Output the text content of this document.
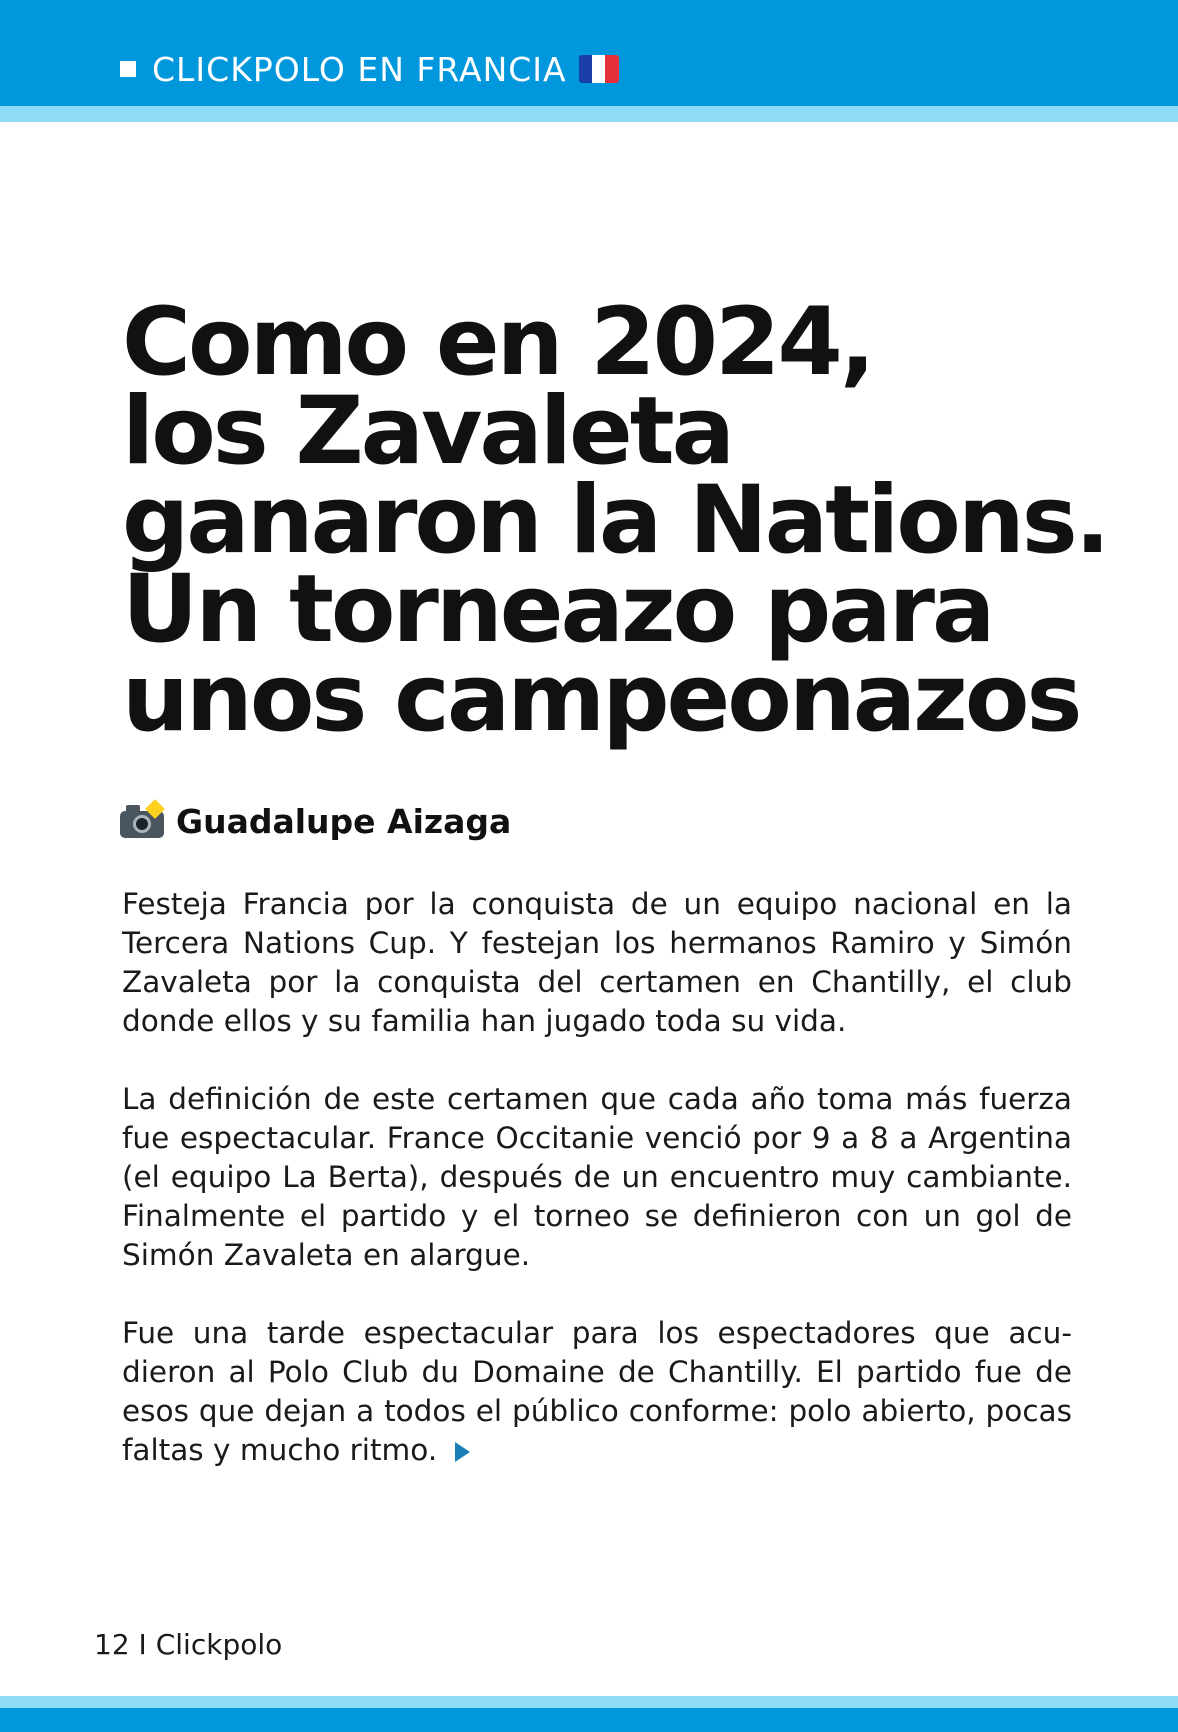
CLICKPOLO EN FRANCIA
Como en 2024,
los Zavaleta
ganaron la Nations.
Un torneazo para
unos campeonazos
Guadalupe Aizaga

Festeja Francia por la conquista de un equipo nacional en la Tercera Nations Cup. Y festejan los hermanos Ramiro y Simón Zavaleta por la conquista del certamen en Chantilly, el club donde ellos y su familia han jugado toda su vida.

La definición de este certamen que cada año toma más fuerza fue espectacular. France Occitanie venció por 9 a 8 a Argentina (el equipo La Berta), después de un encuentro muy cambiante. Finalmente el partido y el torneo se definieron con un gol de Simón Zavaleta en alargue.

Fue una tarde espectacular para los espectadores que acudieron al Polo Club du Domaine de Chantilly. El partido fue de esos que dejan a todos el público conforme: polo abierto, pocas faltas y mucho ritmo.

12 I Clickpolo
